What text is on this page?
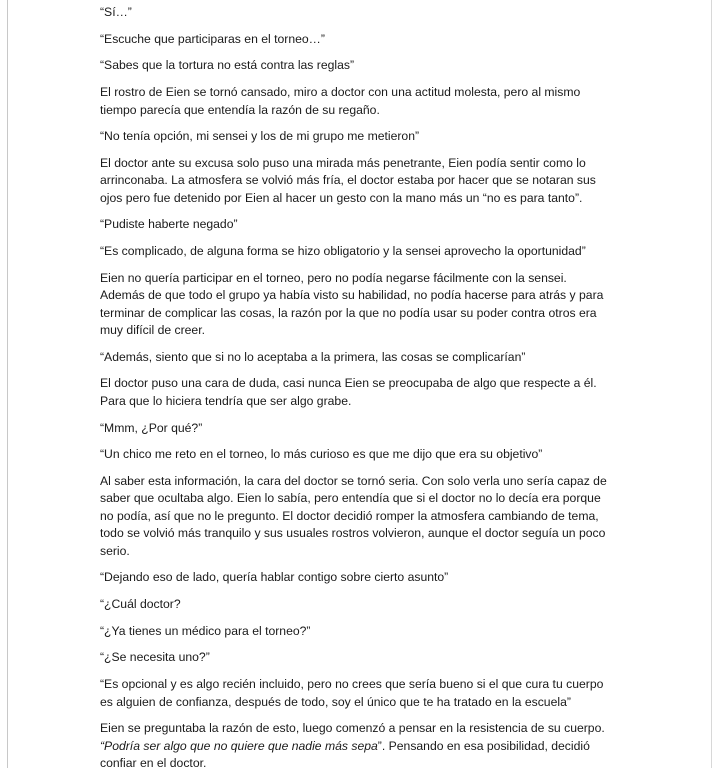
“Sí…”

“Escuche que participaras en el torneo…”

“Sabes que la tortura no está contra las reglas”

El rostro de Eien se tornó cansado, miro a doctor con una actitud molesta, pero al mismo tiempo parecía que entendía la razón de su regaño.

“No tenía opción, mi sensei y los de mi grupo me metieron”

El doctor ante su excusa solo puso una mirada más penetrante, Eien podía sentir como lo arrinconaba. La atmosfera se volvió más fría, el doctor estaba por hacer que se notaran sus ojos pero fue detenido por Eien al hacer un gesto con la mano más un “no es para tanto”.

“Pudiste haberte negado”

“Es complicado, de alguna forma se hizo obligatorio y la sensei aprovecho la oportunidad”

Eien no quería participar en el torneo, pero no podía negarse fácilmente con la sensei. Además de que todo el grupo ya había visto su habilidad, no podía hacerse para atrás y para terminar de complicar las cosas, la razón por la que no podía usar su poder contra otros era muy difícil de creer.

“Además, siento que si no lo aceptaba a la primera, las cosas se complicarían”

El doctor puso una cara de duda, casi nunca Eien se preocupaba de algo que respecte a él. Para que lo hiciera tendría que ser algo grabe.

“Mmm, ¿Por qué?”

“Un chico me reto en el torneo, lo más curioso es que me dijo que era su objetivo”

Al saber esta información, la cara del doctor se tornó seria. Con solo verla uno sería capaz de saber que ocultaba algo. Eien lo sabía, pero entendía que si el doctor no lo decía era porque no podía, así que no le pregunto. El doctor decidió romper la atmosfera cambiando de tema, todo se volvió más tranquilo y sus usuales rostros volvieron, aunque el doctor seguía un poco serio.

“Dejando eso de lado, quería hablar contigo sobre cierto asunto”

“¿Cuál doctor?

“¿Ya tienes un médico para el torneo?”

“¿Se necesita uno?”

“Es opcional y es algo recién incluido, pero no crees que sería bueno si el que cura tu cuerpo es alguien de confianza, después de todo, soy el único que te ha tratado en la escuela”

Eien se preguntaba la razón de esto, luego comenzó a pensar en la resistencia de su cuerpo. “Podría ser algo que no quiere que nadie más sepa”. Pensando en esa posibilidad, decidió confiar en el doctor.
